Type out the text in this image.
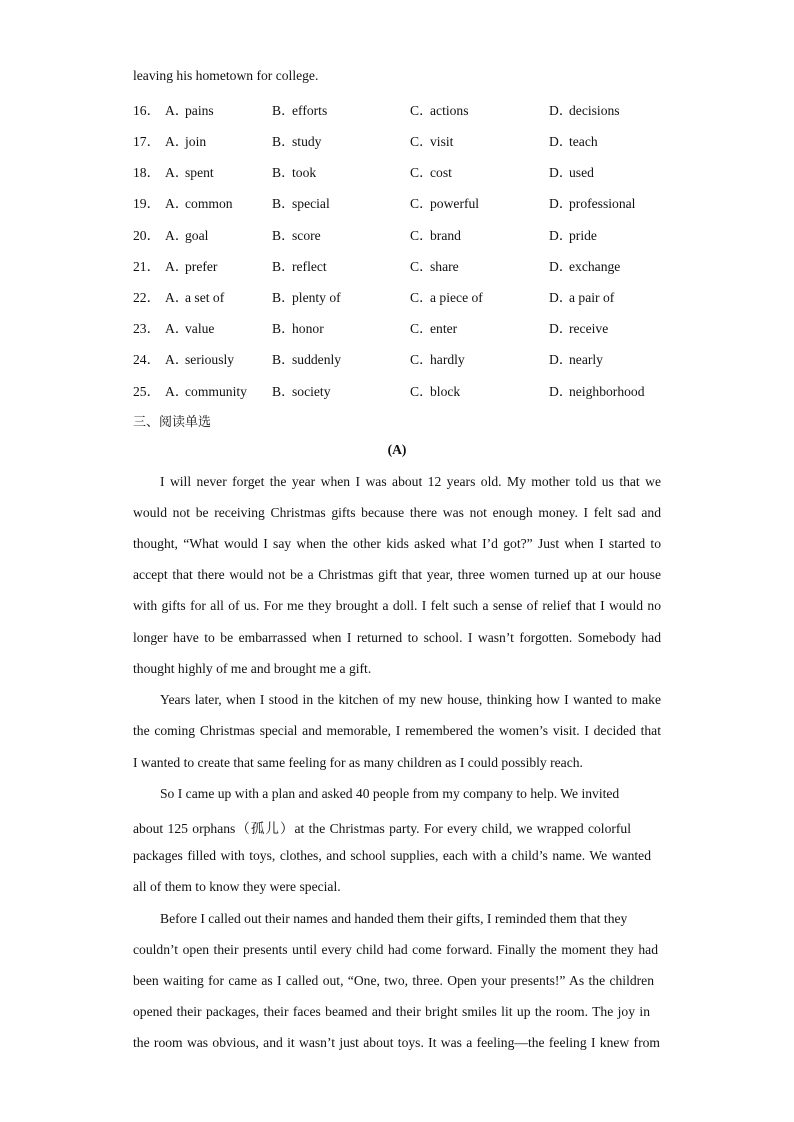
leaving his hometown for college.
16． A．pains	B．efforts	C．actions	D．decisions
17． A．join	B．study	C．visit	D．teach
18． A．spent	B．took	C．cost	D．used
19． A．common	B．special	C．powerful	D．professional
20． A．goal	B．score	C．brand	D．pride
21． A．prefer	B．reflect	C．share	D．exchange
22． A．a set of	B．plenty of	C．a piece of	D．a pair of
23． A．value	B．honor	C．enter	D．receive
24． A．seriously	B．suddenly	C．hardly	D．nearly
25． A．community B．society	C．block	D．neighborhood
三、阅读单选
(A)
I will never forget the year when I was about 12 years old. My mother told us that we
would not be receiving Christmas gifts because there was not enough money. I felt sad and
thought, “What would I say when the other kids asked what I’d got?” Just when I started to
accept that there would not be a Christmas gift that year, three women turned up at our house
with gifts for all of us. For me they brought a doll. I felt such a sense of relief that I would no
longer have to be embarrassed when I returned to school. I wasn’t forgotten. Somebody had
thought highly of me and brought me a gift.
Years later, when I stood in the kitchen of my new house, thinking how I wanted to make
the coming Christmas special and memorable, I remembered the women’s visit. I decided that
I wanted to create that same feeling for as many children as I could possibly reach.
So I came up with a plan and asked 40 people from my company to help. We invited
about 125 orphans（孤儿）at the Christmas party. For every child, we wrapped colorful
packages filled with toys, clothes, and school supplies, each with a child’s name. We wanted
all of them to know they were special.
Before I called out their names and handed them their gifts, I reminded them that they
couldn’t open their presents until every child had come forward. Finally the moment they had
been waiting for came as I called out, “One, two, three. Open your presents!” As the children
opened their packages, their faces beamed and their bright smiles lit up the room. The joy in
the room was obvious, and it wasn’t just about toys. It was a feeling—the feeling I knew from
